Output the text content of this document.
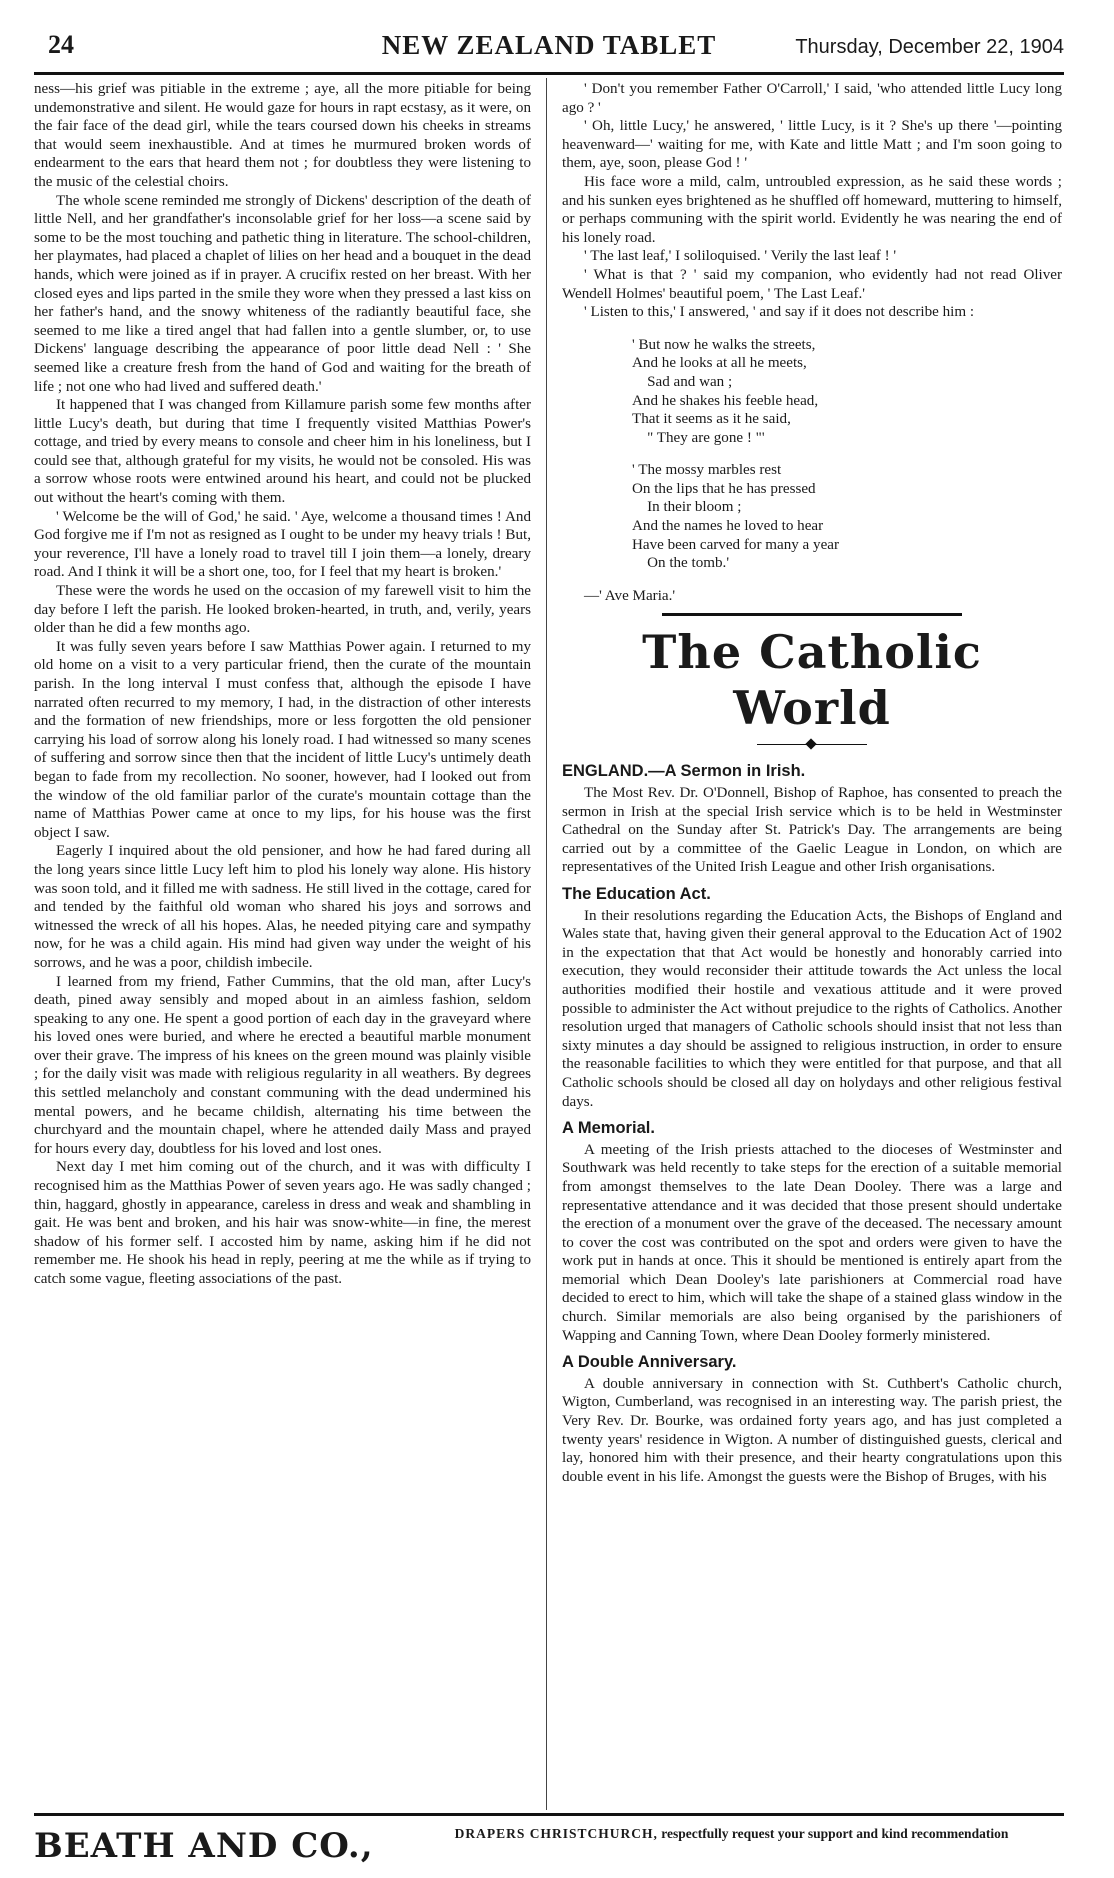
24	NEW ZEALAND TABLET	Thursday, December 22, 1904

ness—his grief was pitiable in the extreme ; aye, all the more pitiable for being undemonstrative and silent. He would gaze for hours in rapt ecstasy, as it were, on the fair face of the dead girl, while the tears coursed down his cheeks in streams that would seem inexhaustible. And at times he murmured broken words of endearment to the ears that heard them not ; for doubtless they were listening to the music of the celestial choirs.

The whole scene reminded me strongly of Dickens' description of the death of little Nell, and her grandfather's inconsolable grief for her loss—a scene said by some to be the most touching and pathetic thing in literature. The school-children, her playmates, had placed a chaplet of lilies on her head and a bouquet in the dead hands, which were joined as if in prayer. A crucifix rested on her breast. With her closed eyes and lips parted in the smile they wore when they pressed a last kiss on her father's hand, and the snowy whiteness of the radiantly beautiful face, she seemed to me like a tired angel that had fallen into a gentle slumber, or, to use Dickens' language describing the appearance of poor little dead Nell : ' She seemed like a creature fresh from the hand of God and waiting for the breath of life ; not one who had lived and suffered death.'

It happened that I was changed from Killamure parish some few months after little Lucy's death, but during that time I frequently visited Matthias Power's cottage, and tried by every means to console and cheer him in his loneliness, but I could see that, although grateful for my visits, he would not be consoled. His was a sorrow whose roots were entwined around his heart, and could not be plucked out without the heart's coming with them.

' Welcome be the will of God,' he said. ' Aye, welcome a thousand times ! And God forgive me if I'm not as resigned as I ought to be under my heavy trials ! But, your reverence, I'll have a lonely road to travel till I join them—a lonely, dreary road. And I think it will be a short one, too, for I feel that my heart is broken.'

These were the words he used on the occasion of my farewell visit to him the day before I left the parish. He looked broken-hearted, in truth, and, verily, years older than he did a few months ago.

It was fully seven years before I saw Matthias Power again. I returned to my old home on a visit to a very particular friend, then the curate of the mountain parish. In the long interval I must confess that, although the episode I have narrated often recurred to my memory, I had, in the distraction of other interests and the formation of new friendships, more or less forgotten the old pensioner carrying his load of sorrow along his lonely road. I had witnessed so many scenes of suffering and sorrow since then that the incident of little Lucy's untimely death began to fade from my recollection. No sooner, however, had I looked out from the window of the old familiar parlor of the curate's mountain cottage than the name of Matthias Power came at once to my lips, for his house was the first object I saw.

Eagerly I inquired about the old pensioner, and how he had fared during all the long years since little Lucy left him to plod his lonely way alone. His history was soon told, and it filled me with sadness. He still lived in the cottage, cared for and tended by the faithful old woman who shared his joys and sorrows and witnessed the wreck of all his hopes. Alas, he needed pitying care and sympathy now, for he was a child again. His mind had given way under the weight of his sorrows, and he was a poor, childish imbecile.

I learned from my friend, Father Cummins, that the old man, after Lucy's death, pined away sensibly and moped about in an aimless fashion, seldom speaking to any one. He spent a good portion of each day in the graveyard where his loved ones were buried, and where he erected a beautiful marble monument over their grave. The impress of his knees on the green mound was plainly visible ; for the daily visit was made with religious regularity in all weathers. By degrees this settled melancholy and constant communing with the dead undermined his mental powers, and he became childish, alternating his time between the churchyard and the mountain chapel, where he attended daily Mass and prayed for hours every day, doubtless for his loved and lost ones.

Next day I met him coming out of the church, and it was with difficulty I recognised him as the Matthias Power of seven years ago. He was sadly changed ; thin, haggard, ghostly in appearance, careless in dress and weak and shambling in gait. He was bent and broken, and his hair was snow-white—in fine, the merest shadow of his former self. I accosted him by name, asking him if he did not remember me. He shook his head in reply, peering at me the while as if trying to catch some vague, fleeting associations of the past.

' Don't you remember Father O'Carroll,' I said, 'who attended little Lucy long ago ? '

' Oh, little Lucy,' he answered, ' little Lucy, is it ? She's up there '—pointing heavenward—' waiting for me, with Kate and little Matt ; and I'm soon going to them, aye, soon, please God ! '

His face wore a mild, calm, untroubled expression, as he said these words ; and his sunken eyes brightened as he shuffled off homeward, muttering to himself, or perhaps communing with the spirit world. Evidently he was nearing the end of his lonely road.

' The last leaf,' I soliloquised. ' Verily the last leaf ! '

' What is that ? ' said my companion, who evidently had not read Oliver Wendell Holmes' beautiful poem, ' The Last Leaf.'

' Listen to this,' I answered, ' and say if it does not describe him :

' But now he walks the streets,
And he looks at all he meets,
Sad and wan ;
And he shakes his feeble head,
That it seems as it he said,
" They are gone ! "'
' The mossy marbles rest
On the lips that he has pressed
In their bloom ;
And the names he loved to hear
Have been carved for many a year
On the tomb.'

—' Ave Maria.'

The Catholic World
ENGLAND.—A Sermon in Irish.

The Most Rev. Dr. O'Donnell, Bishop of Raphoe, has consented to preach the sermon in Irish at the special Irish service which is to be held in Westminster Cathedral on the Sunday after St. Patrick's Day. The arrangements are being carried out by a committee of the Gaelic League in London, on which are representatives of the United Irish League and other Irish organisations.

The Education Act.

In their resolutions regarding the Education Acts, the Bishops of England and Wales state that, having given their general approval to the Education Act of 1902 in the expectation that that Act would be honestly and honorably carried into execution, they would reconsider their attitude towards the Act unless the local authorities modified their hostile and vexatious attitude and it were proved possible to administer the Act without prejudice to the rights of Catholics. Another resolution urged that managers of Catholic schools should insist that not less than sixty minutes a day should be assigned to religious instruction, in order to ensure the reasonable facilities to which they were entitled for that purpose, and that all Catholic schools should be closed all day on holydays and other religious festival days.

A Memorial.

A meeting of the Irish priests attached to the dioceses of Westminster and Southwark was held recently to take steps for the erection of a suitable memorial from amongst themselves to the late Dean Dooley. There was a large and representative attendance and it was decided that those present should undertake the erection of a monument over the grave of the deceased. The necessary amount to cover the cost was contributed on the spot and orders were given to have the work put in hands at once. This it should be mentioned is entirely apart from the memorial which Dean Dooley's late parishioners at Commercial road have decided to erect to him, which will take the shape of a stained glass window in the church. Similar memorials are also being organised by the parishioners of Wapping and Canning Town, where Dean Dooley formerly ministered.

A Double Anniversary.

A double anniversary in connection with St. Cuthbert's Catholic church, Wigton, Cumberland, was recognised in an interesting way. The parish priest, the Very Rev. Dr. Bourke, was ordained forty years ago, and has just completed a twenty years' residence in Wigton. A number of distinguished guests, clerical and lay, honored him with their presence, and their hearty congratulations upon this double event in his life. Amongst the guests were the Bishop of Bruges, with his

BEATH AND CO.,	DRAPERS CHRISTCHURCH, respectfully request your support and kind recommendation
